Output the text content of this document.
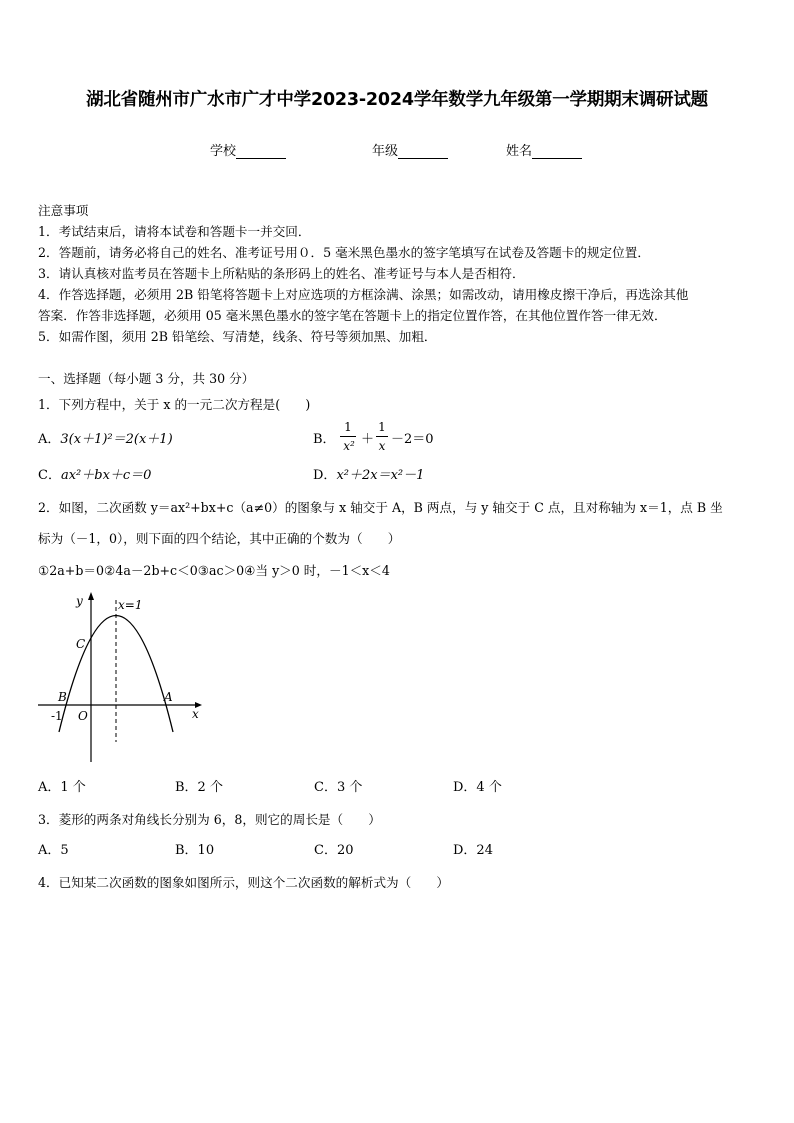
湖北省随州市广水市广才中学2023-2024学年数学九年级第一学期期末调研试题
学校	年级	姓名
注意事项
1．考试结束后，请将本试卷和答题卡一并交回．
2．答题前，请务必将自己的姓名、准考证号用０．5 毫米黑色墨水的签字笔填写在试卷及答题卡的规定位置．
3．请认真核对监考员在答题卡上所粘贴的条形码上的姓名、准考证号与本人是否相符．
4．作答选择题，必须用 2B 铅笔将答题卡上对应选项的方框涂满、涂黑；如需改动，请用橡皮擦干净后，再选涂其他
答案．作答非选择题，必须用 05 毫米黑色墨水的签字笔在答题卡上的指定位置作答，在其他位置作答一律无效．
5．如需作图，须用 2B 铅笔绘、写清楚，线条、符号等须加黑、加粗．
一、选择题（每小题 3 分，共 30 分）
1．下列方程中，关于 x 的一元二次方程是(　　)
A．3(x＋1)²＝2(x＋1)	B．
1
x² ＋
1
x －2＝0
C．ax²＋bx＋c＝0	D．x²＋2x＝x²－1
2．如图，二次函数 y＝ax²+bx+c（a≠0）的图象与 x 轴交于 A，B 两点，与 y 轴交于 C 点，且对称轴为 x＝1，点 B 坐
标为（－1，0），则下面的四个结论，其中正确的个数为（　　）
①2a+b＝0②4a－2b+c＜0③ac＞0④当 y＞0 时，－1＜x＜4
y
x
x=1
C
B	A
O
-1
A．1 个	B．2 个	C．3 个	D．4 个
3．菱形的两条对角线长分别为 6，8，则它的周长是（　　）
A．5	B．10	C．20	D．24
4．已知某二次函数的图象如图所示，则这个二次函数的解析式为（　　）
